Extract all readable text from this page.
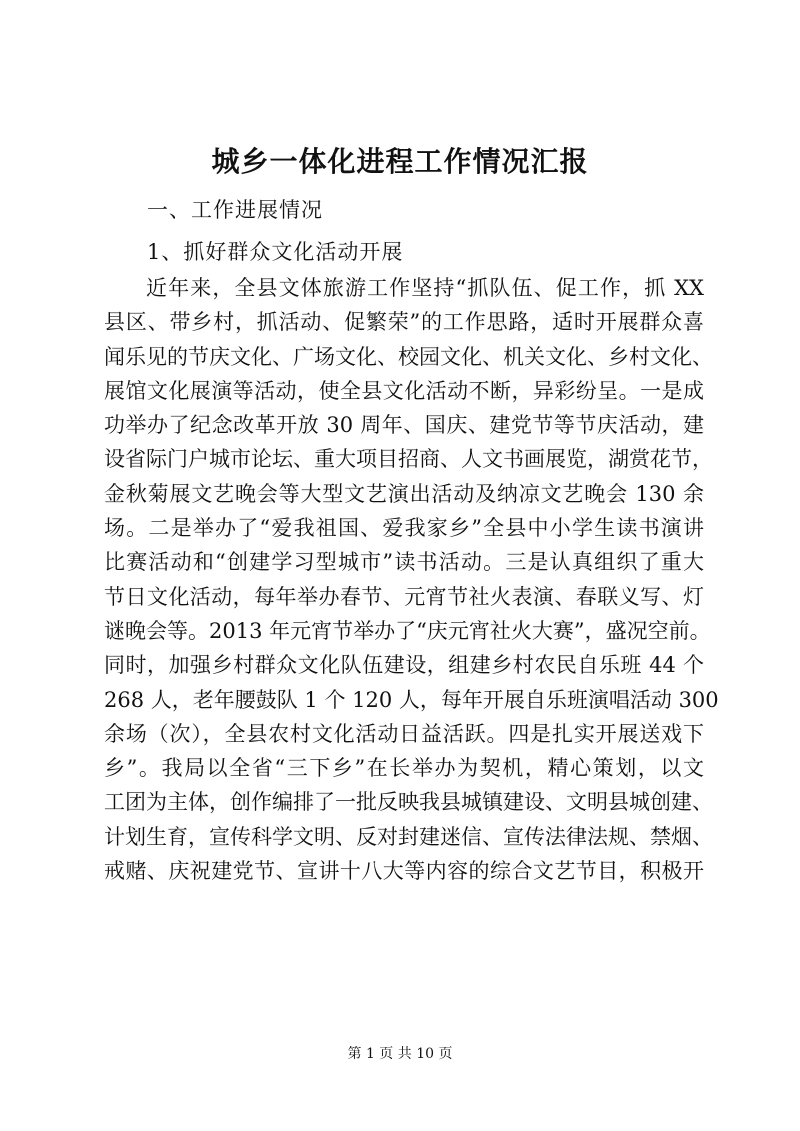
城乡一体化进程工作情况汇报
一、工作进展情况
1、抓好群众文化活动开展
近年来，全县文体旅游工作坚持“抓队伍、促工作，抓 XX
县区、带乡村，抓活动、促繁荣”的工作思路，适时开展群众喜
闻乐见的节庆文化、广场文化、校园文化、机关文化、乡村文化、
展馆文化展演等活动，使全县文化活动不断，异彩纷呈。一是成
功举办了纪念改革开放 30 周年、国庆、建党节等节庆活动，建
设省际门户城市论坛、重大项目招商、人文书画展览，湖赏花节，
金秋菊展文艺晚会等大型文艺演出活动及纳凉文艺晚会 130 余
场。二是举办了“爱我祖国、爱我家乡”全县中小学生读书演讲
比赛活动和“创建学习型城市”读书活动。三是认真组织了重大
节日文化活动，每年举办春节、元宵节社火表演、春联义写、灯
谜晚会等。2013 年元宵节举办了“庆元宵社火大赛”，盛况空前。
同时，加强乡村群众文化队伍建设，组建乡村农民自乐班 44 个
268 人，老年腰鼓队 1 个 120 人，每年开展自乐班演唱活动 300
余场（次），全县农村文化活动日益活跃。四是扎实开展送戏下
乡”。我局以全省“三下乡”在长举办为契机，精心策划，以文
工团为主体，创作编排了一批反映我县城镇建设、文明县城创建、
计划生育，宣传科学文明、反对封建迷信、宣传法律法规、禁烟、
戒赌、庆祝建党节、宣讲十八大等内容的综合文艺节目，积极开
第 1 页 共 10 页
